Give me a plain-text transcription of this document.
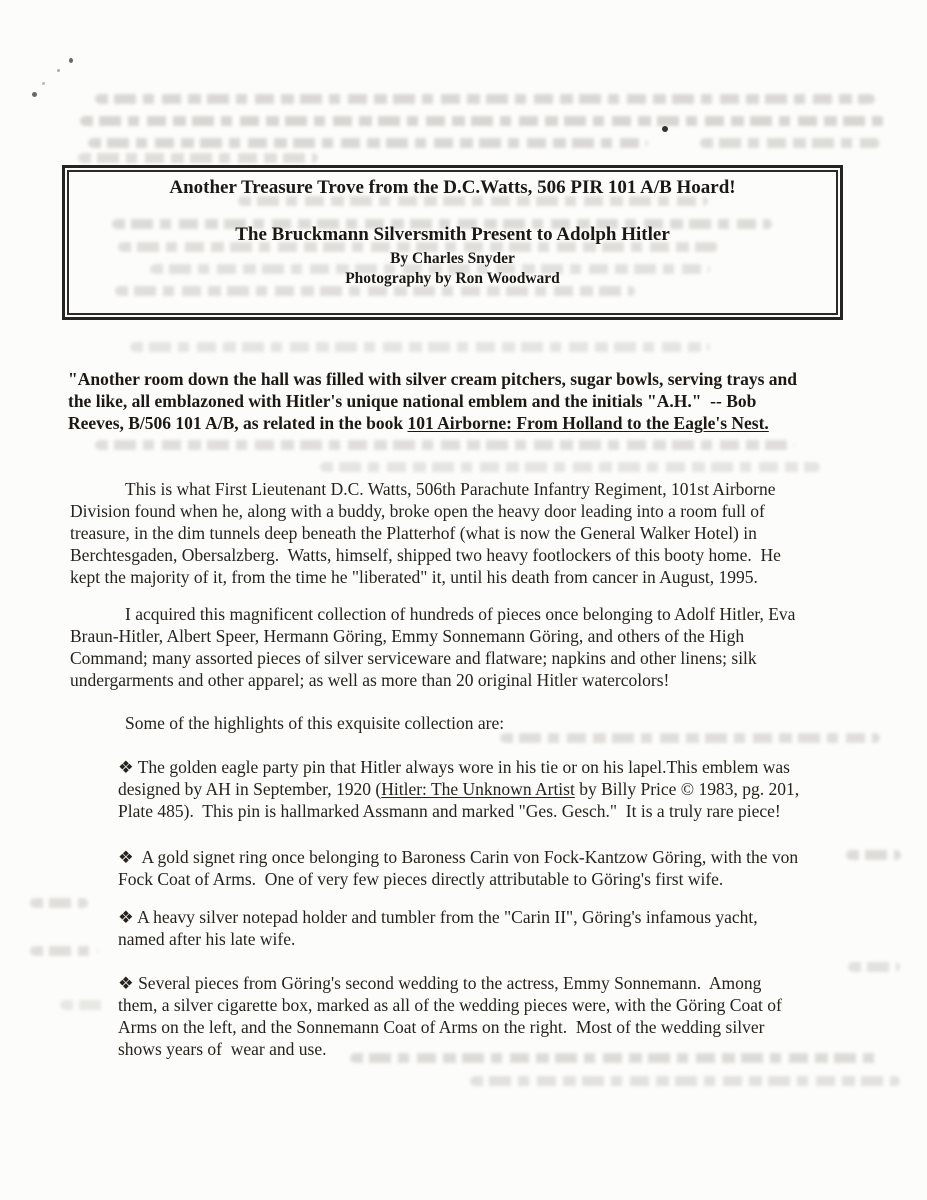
Another Treasure Trove from the D.C.Watts, 506 PIR 101 A/B Hoard!
The Bruckmann Silversmith Present to Adolph Hitler
By Charles Snyder
Photography by Ron Woodward

"Another room down the hall was filled with silver cream pitchers, sugar bowls, serving trays and
the like, all emblazoned with Hitler's unique national emblem and the initials "A.H."  -- Bob
Reeves, B/506 101 A/B, as related in the book 101 Airborne: From Holland to the Eagle's Nest.

This is what First Lieutenant D.C. Watts, 506th Parachute Infantry Regiment, 101st Airborne
Division found when he, along with a buddy, broke open the heavy door leading into a room full of
treasure, in the dim tunnels deep beneath the Platterhof (what is now the General Walker Hotel) in
Berchtesgaden, Obersalzberg.  Watts, himself, shipped two heavy footlockers of this booty home.  He
kept the majority of it, from the time he "liberated" it, until his death from cancer in August, 1995.

I acquired this magnificent collection of hundreds of pieces once belonging to Adolf Hitler, Eva
Braun-Hitler, Albert Speer, Hermann Göring, Emmy Sonnemann Göring, and others of the High
Command; many assorted pieces of silver serviceware and flatware; napkins and other linens; silk
undergarments and other apparel; as well as more than 20 original Hitler watercolors!

Some of the highlights of this exquisite collection are:

❖ The golden eagle party pin that Hitler always wore in his tie or on his lapel.This emblem was
designed by AH in September, 1920 (Hitler: The Unknown Artist by Billy Price © 1983, pg. 201,
Plate 485).  This pin is hallmarked Assmann and marked "Ges. Gesch."  It is a truly rare piece!

❖  A gold signet ring once belonging to Baroness Carin von Fock-Kantzow Göring, with the von
Fock Coat of Arms.  One of very few pieces directly attributable to Göring's first wife.

❖ A heavy silver notepad holder and tumbler from the "Carin II", Göring's infamous yacht,
named after his late wife.

❖ Several pieces from Göring's second wedding to the actress, Emmy Sonnemann.  Among
them, a silver cigarette box, marked as all of the wedding pieces were, with the Göring Coat of
Arms on the left, and the Sonnemann Coat of Arms on the right.  Most of the wedding silver
shows years of  wear and use.
